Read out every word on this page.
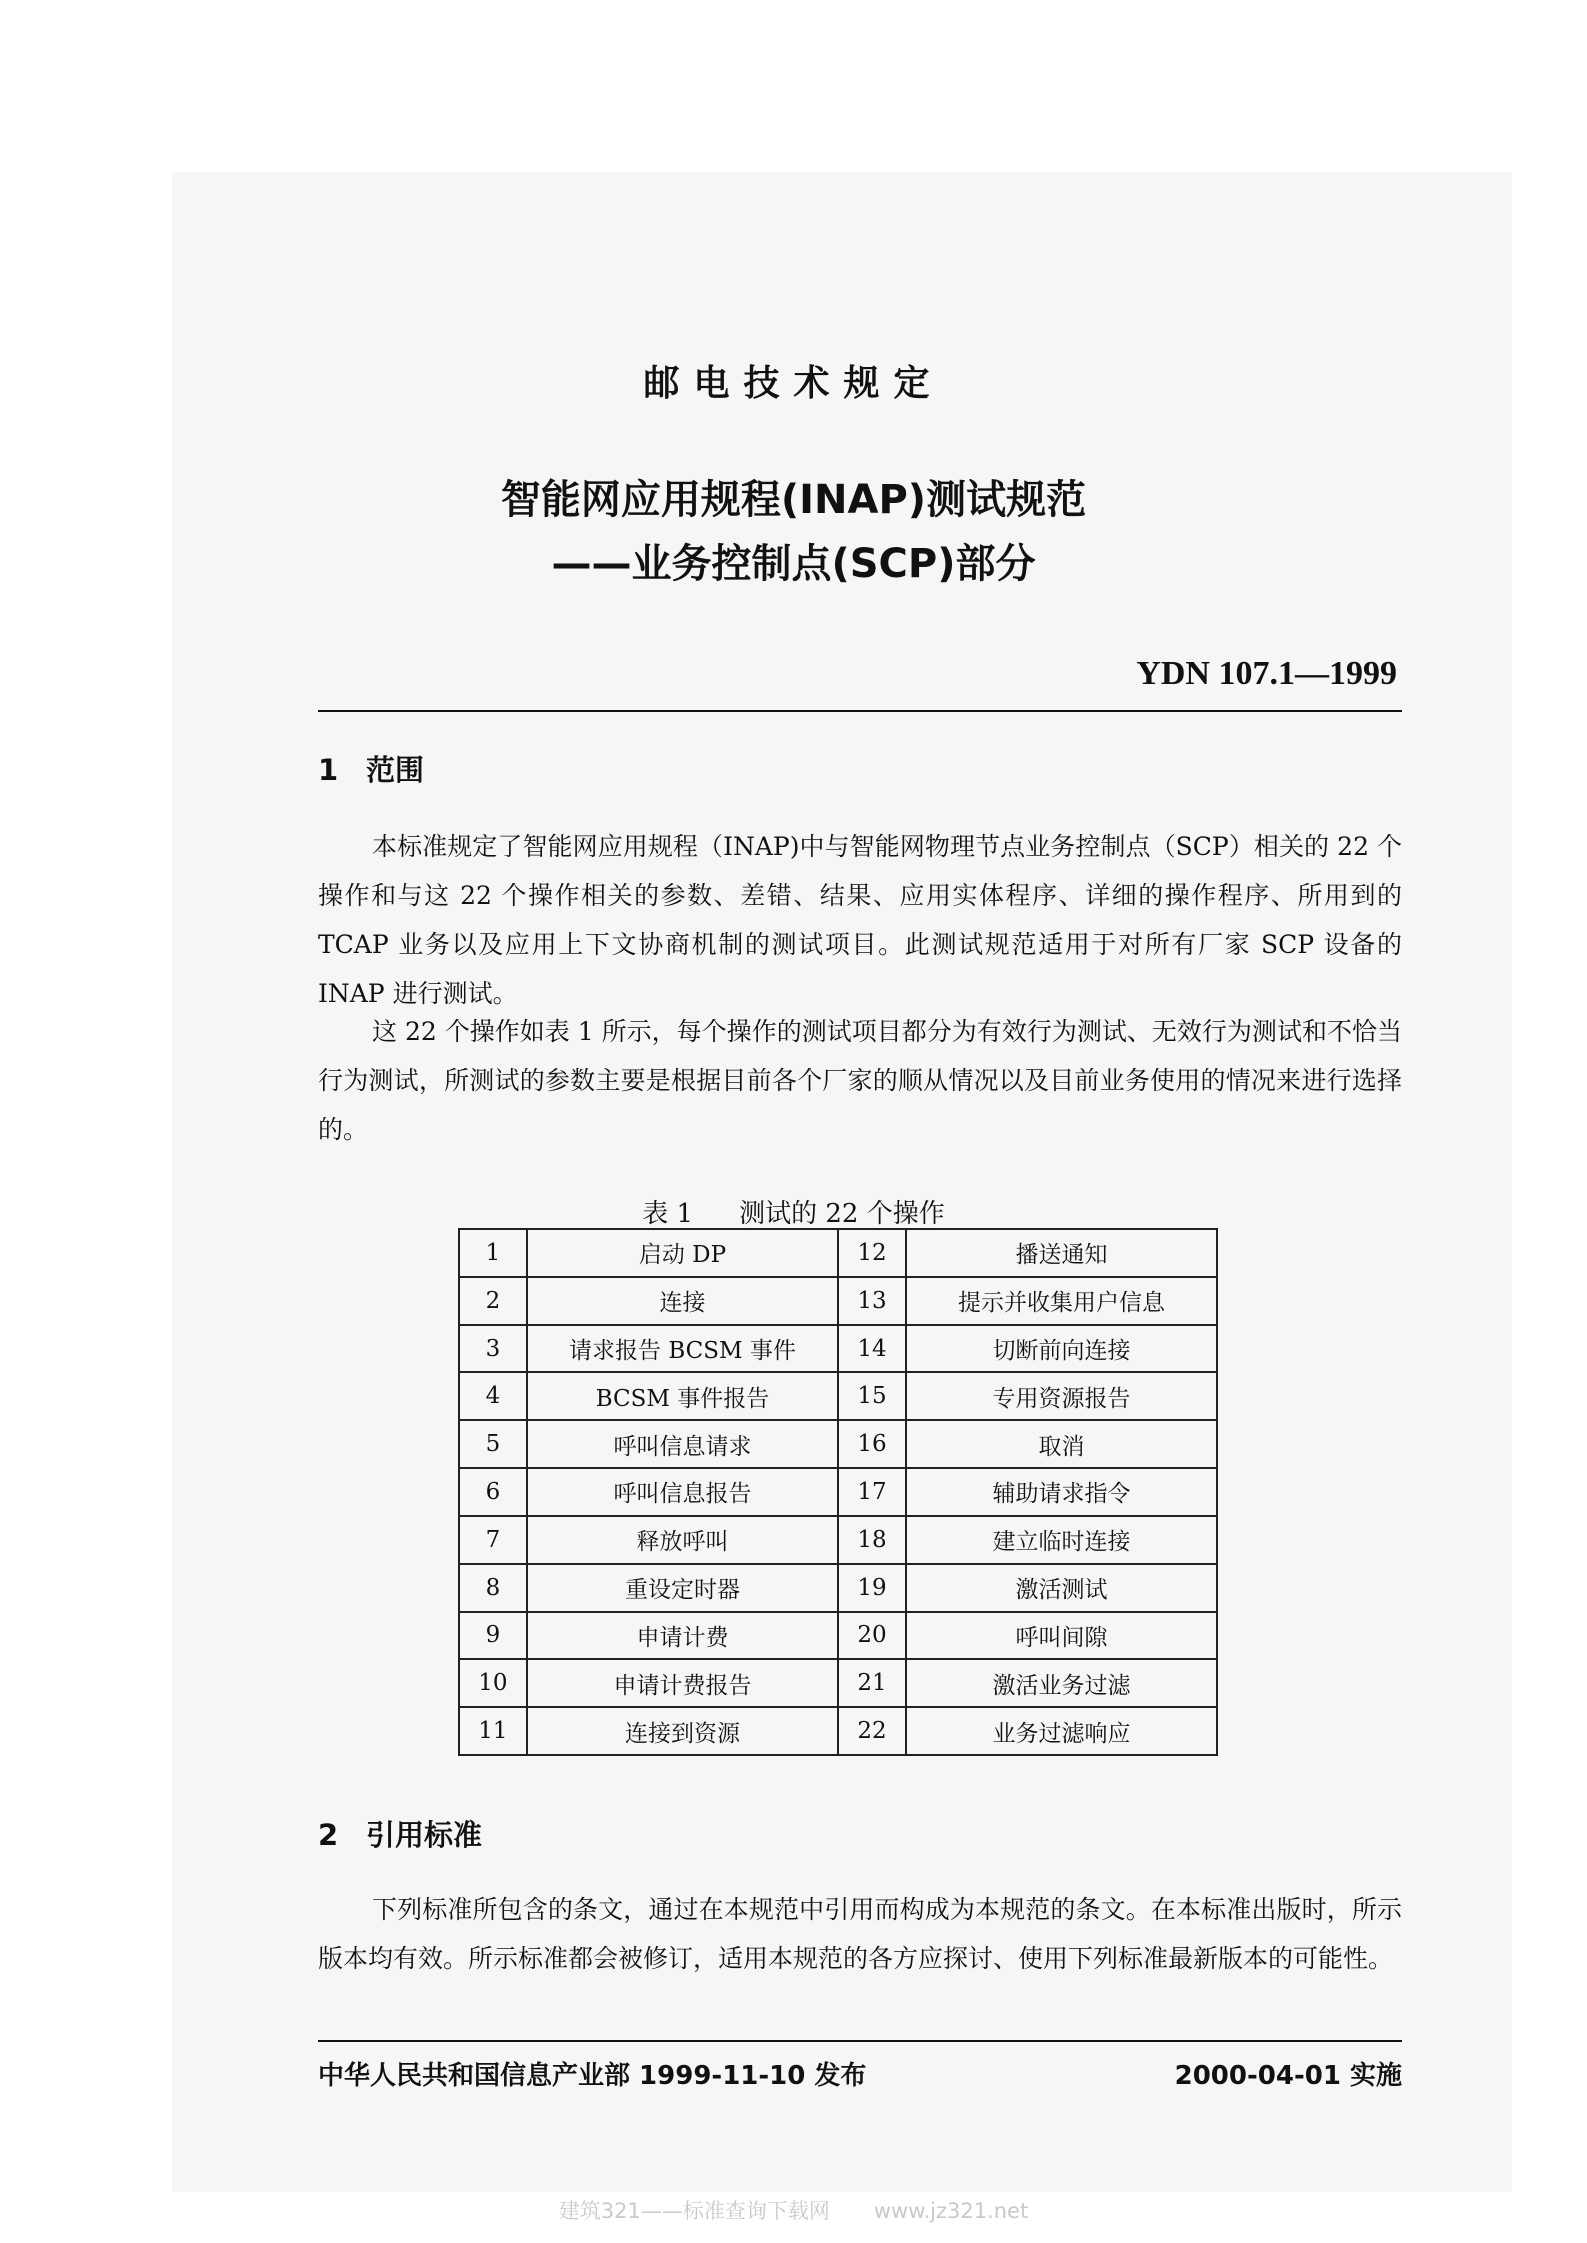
邮电技术规定
智能网应用规程(INAP)测试规范
——业务控制点(SCP)部分
YDN 107.1—1999
1 范围
本标准规定了智能网应用规程（INAP)中与智能网物理节点业务控制点（SCP）相关的 22 个操作和与这 22 个操作相关的参数、差错、结果、应用实体程序、详细的操作程序、所用到的 TCAP 业务以及应用上下文协商机制的测试项目。此测试规范适用于对所有厂家 SCP 设备的 INAP 进行测试。
这 22 个操作如表 1 所示，每个操作的测试项目都分为有效行为测试、无效行为测试和不恰当行为测试，所测试的参数主要是根据目前各个厂家的顺从情况以及目前业务使用的情况来进行选择的。
表 1 测试的 22 个操作
1	启动 DP	12	播送通知
2	连接	13	提示并收集用户信息
3	请求报告 BCSM 事件	14	切断前向连接
4	BCSM 事件报告	15	专用资源报告
5	呼叫信息请求	16	取消
6	呼叫信息报告	17	辅助请求指令
7	释放呼叫	18	建立临时连接
8	重设定时器	19	激活测试
9	申请计费	20	呼叫间隙
10	申请计费报告	21	激活业务过滤
11	连接到资源	22	业务过滤响应
2 引用标准
下列标准所包含的条文，通过在本规范中引用而构成为本规范的条文。在本标准出版时，所示版本均有效。所示标准都会被修订，适用本规范的各方应探讨、使用下列标准最新版本的可能性。
中华人民共和国信息产业部 1999-11-10 发布	2000-04-01 实施
建筑321——标准查询下载网 www.jz321.net
